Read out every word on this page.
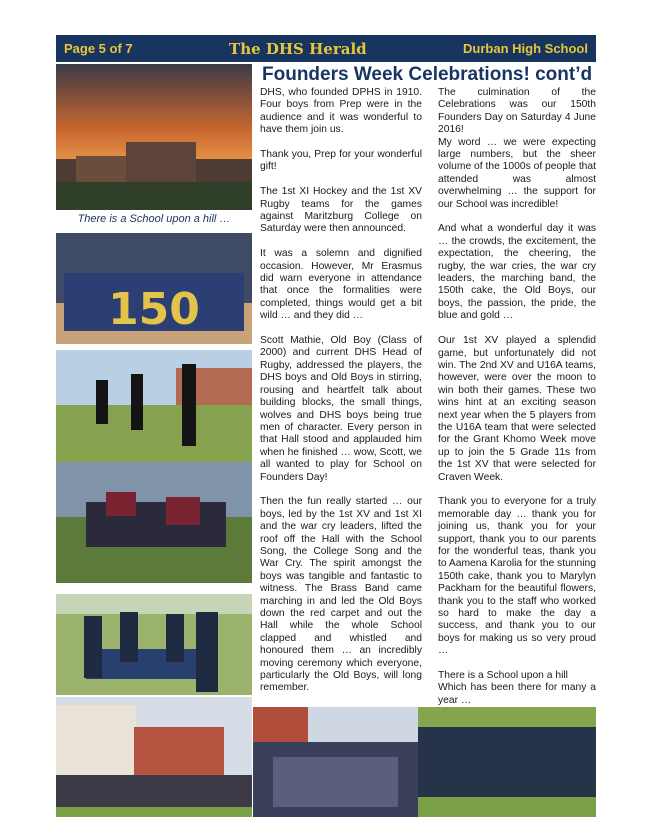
Page 5 of 7	The DHS Herald	Durban High School
There is a School upon a hill …
150
Founders Week Celebrations! cont’d

DHS, who founded DPHS in 1910. Four boys from Prep were in the audience and it was wonderful to have them join us.

Thank you, Prep for your wonderful gift!

The 1st XI Hockey and the 1st XV Rugby teams for the games against Maritzburg College on Saturday were then announced.

It was a solemn and dignified occasion. However, Mr Erasmus did warn everyone in attendance that once the formalities were completed, things would get a bit wild … and they did …

Scott Mathie, Old Boy (Class of 2000) and current DHS Head of Rugby, addressed the players, the DHS boys and Old Boys in stirring, rousing and heartfelt talk about building blocks, the small things, wolves and DHS boys being true men of character. Every person in that Hall stood and applauded him when he finished … wow, Scott, we all wanted to play for School on Founders Day!

Then the fun really started … our boys, led by the 1st XV and 1st XI and the war cry leaders, lifted the roof off the Hall with the School Song, the College Song and the War Cry. The spirit amongst the boys was tangible and fantastic to witness. The Brass Band came marching in and led the Old Boys down the red carpet and out the Hall while the whole School clapped and whistled and honoured them … an incredibly moving ceremony which everyone, particularly the Old Boys, will long remember.

The culmination of the Celebrations was our 150th Founders Day on Saturday 4 June 2016!
My word … we were expecting large numbers, but the sheer volume of the 1000s of people that attended was almost overwhelming … the support for our School was incredible!

And what a wonderful day it was … the crowds, the excitement, the expectation, the cheering, the rugby, the war cries, the war cry leaders, the marching band, the 150th cake, the Old Boys, our boys, the passion, the pride, the blue and gold …

Our 1st XV played a splendid game, but unfortunately did not win. The 2nd XV and U16A teams, however, were over the moon to win both their games. These two wins hint at an exciting season next year when the 5 players from the U16A team that were selected for the Grant Khomo Week move up to join the 5 Grade 11s from the 1st XV that were selected for Craven Week.

Thank you to everyone for a truly memorable day … thank you for joining us, thank you for your support, thank you to our parents for the wonderful teas, thank you to Aamena Karolia for the stunning 150th cake, thank you to Marylyn Packham for the beautiful flowers, thank you to the staff who worked so hard to make the day a success, and thank you to our boys for making us so very proud …

There is a School upon a hill
Which has been there for many a year …
